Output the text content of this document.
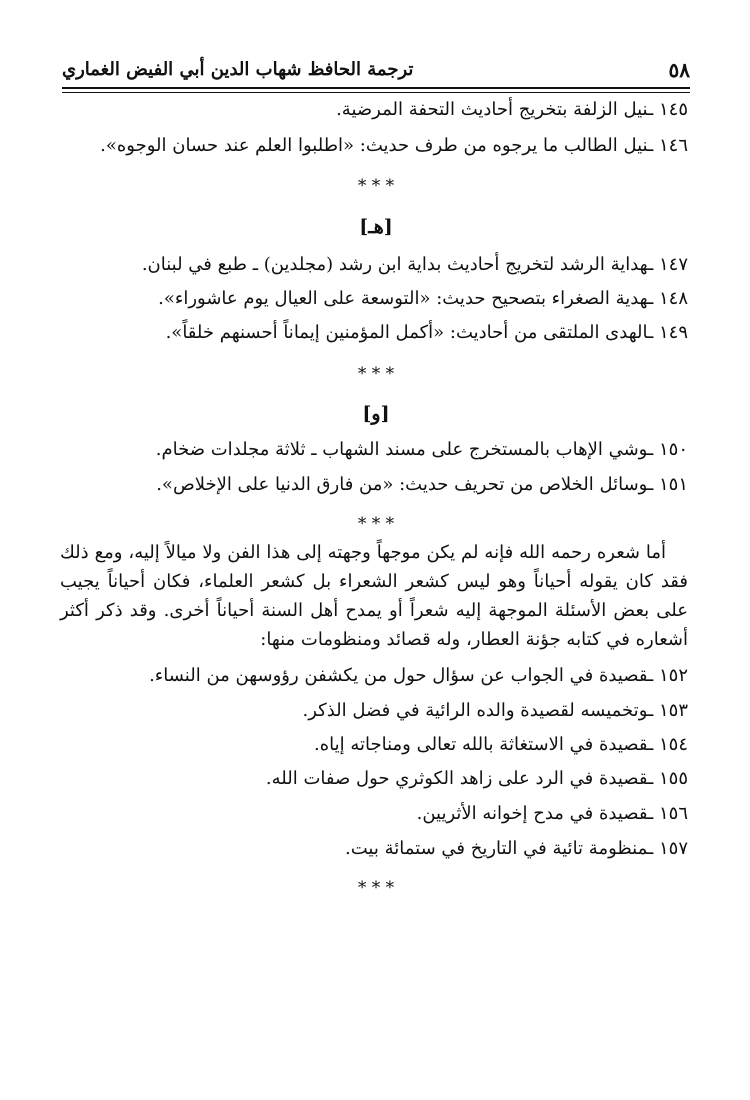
٥٨
ترجمة الحافظ شهاب الدين أبي الفيض الغماري
١٤٥ ـنيل الزلفة بتخريج أحاديث التحفة المرضية.
١٤٦ ـنيل الطالب ما يرجوه من طرف حديث: «اطلبوا العلم عند حسان الوجوه».
* * *
[هـ]
١٤٧ ـهداية الرشد لتخريج أحاديث بداية ابن رشد (مجلدين) ـ طبع في لبنان.
١٤٨ ـهدية الصغراء بتصحيح حديث: «التوسعة على العيال يوم عاشوراء».
١٤٩ ـالهدى الملتقى من أحاديث: «أكمل المؤمنين إيماناً أحسنهم خلقاً».
* * *
[و]
١٥٠ ـوشي الإهاب بالمستخرج على مسند الشهاب ـ ثلاثة مجلدات ضخام.
١٥١ ـوسائل الخلاص من تحريف حديث: «من فارق الدنيا على الإخلاص».
* * *

أما شعره رحمه الله فإنه لم يكن موجهاً وجهته إلى هذا الفن ولا ميالاً إليه، ومع ذلك فقد كان يقوله أحياناً وهو ليس كشعر الشعراء بل كشعر العلماء، فكان أحياناً يجيب على بعض الأسئلة الموجهة إليه شعراً أو يمدح أهل السنة أحياناً أخرى. وقد ذكر أكثر أشعاره في كتابه جؤنة العطار، وله قصائد ومنظومات منها:

١٥٢ ـقصيدة في الجواب عن سؤال حول من يكشفن رؤوسهن من النساء.
١٥٣ ـوتخميسه لقصيدة والده الرائية في فضل الذكر.
١٥٤ ـقصيدة في الاستغاثة بالله تعالى ومناجاته إياه.
١٥٥ ـقصيدة في الرد على زاهد الكوثري حول صفات الله.
١٥٦ ـقصيدة في مدح إخوانه الأثريين.
١٥٧ ـمنظومة تائية في التاريخ في ستمائة بيت.
* * *
